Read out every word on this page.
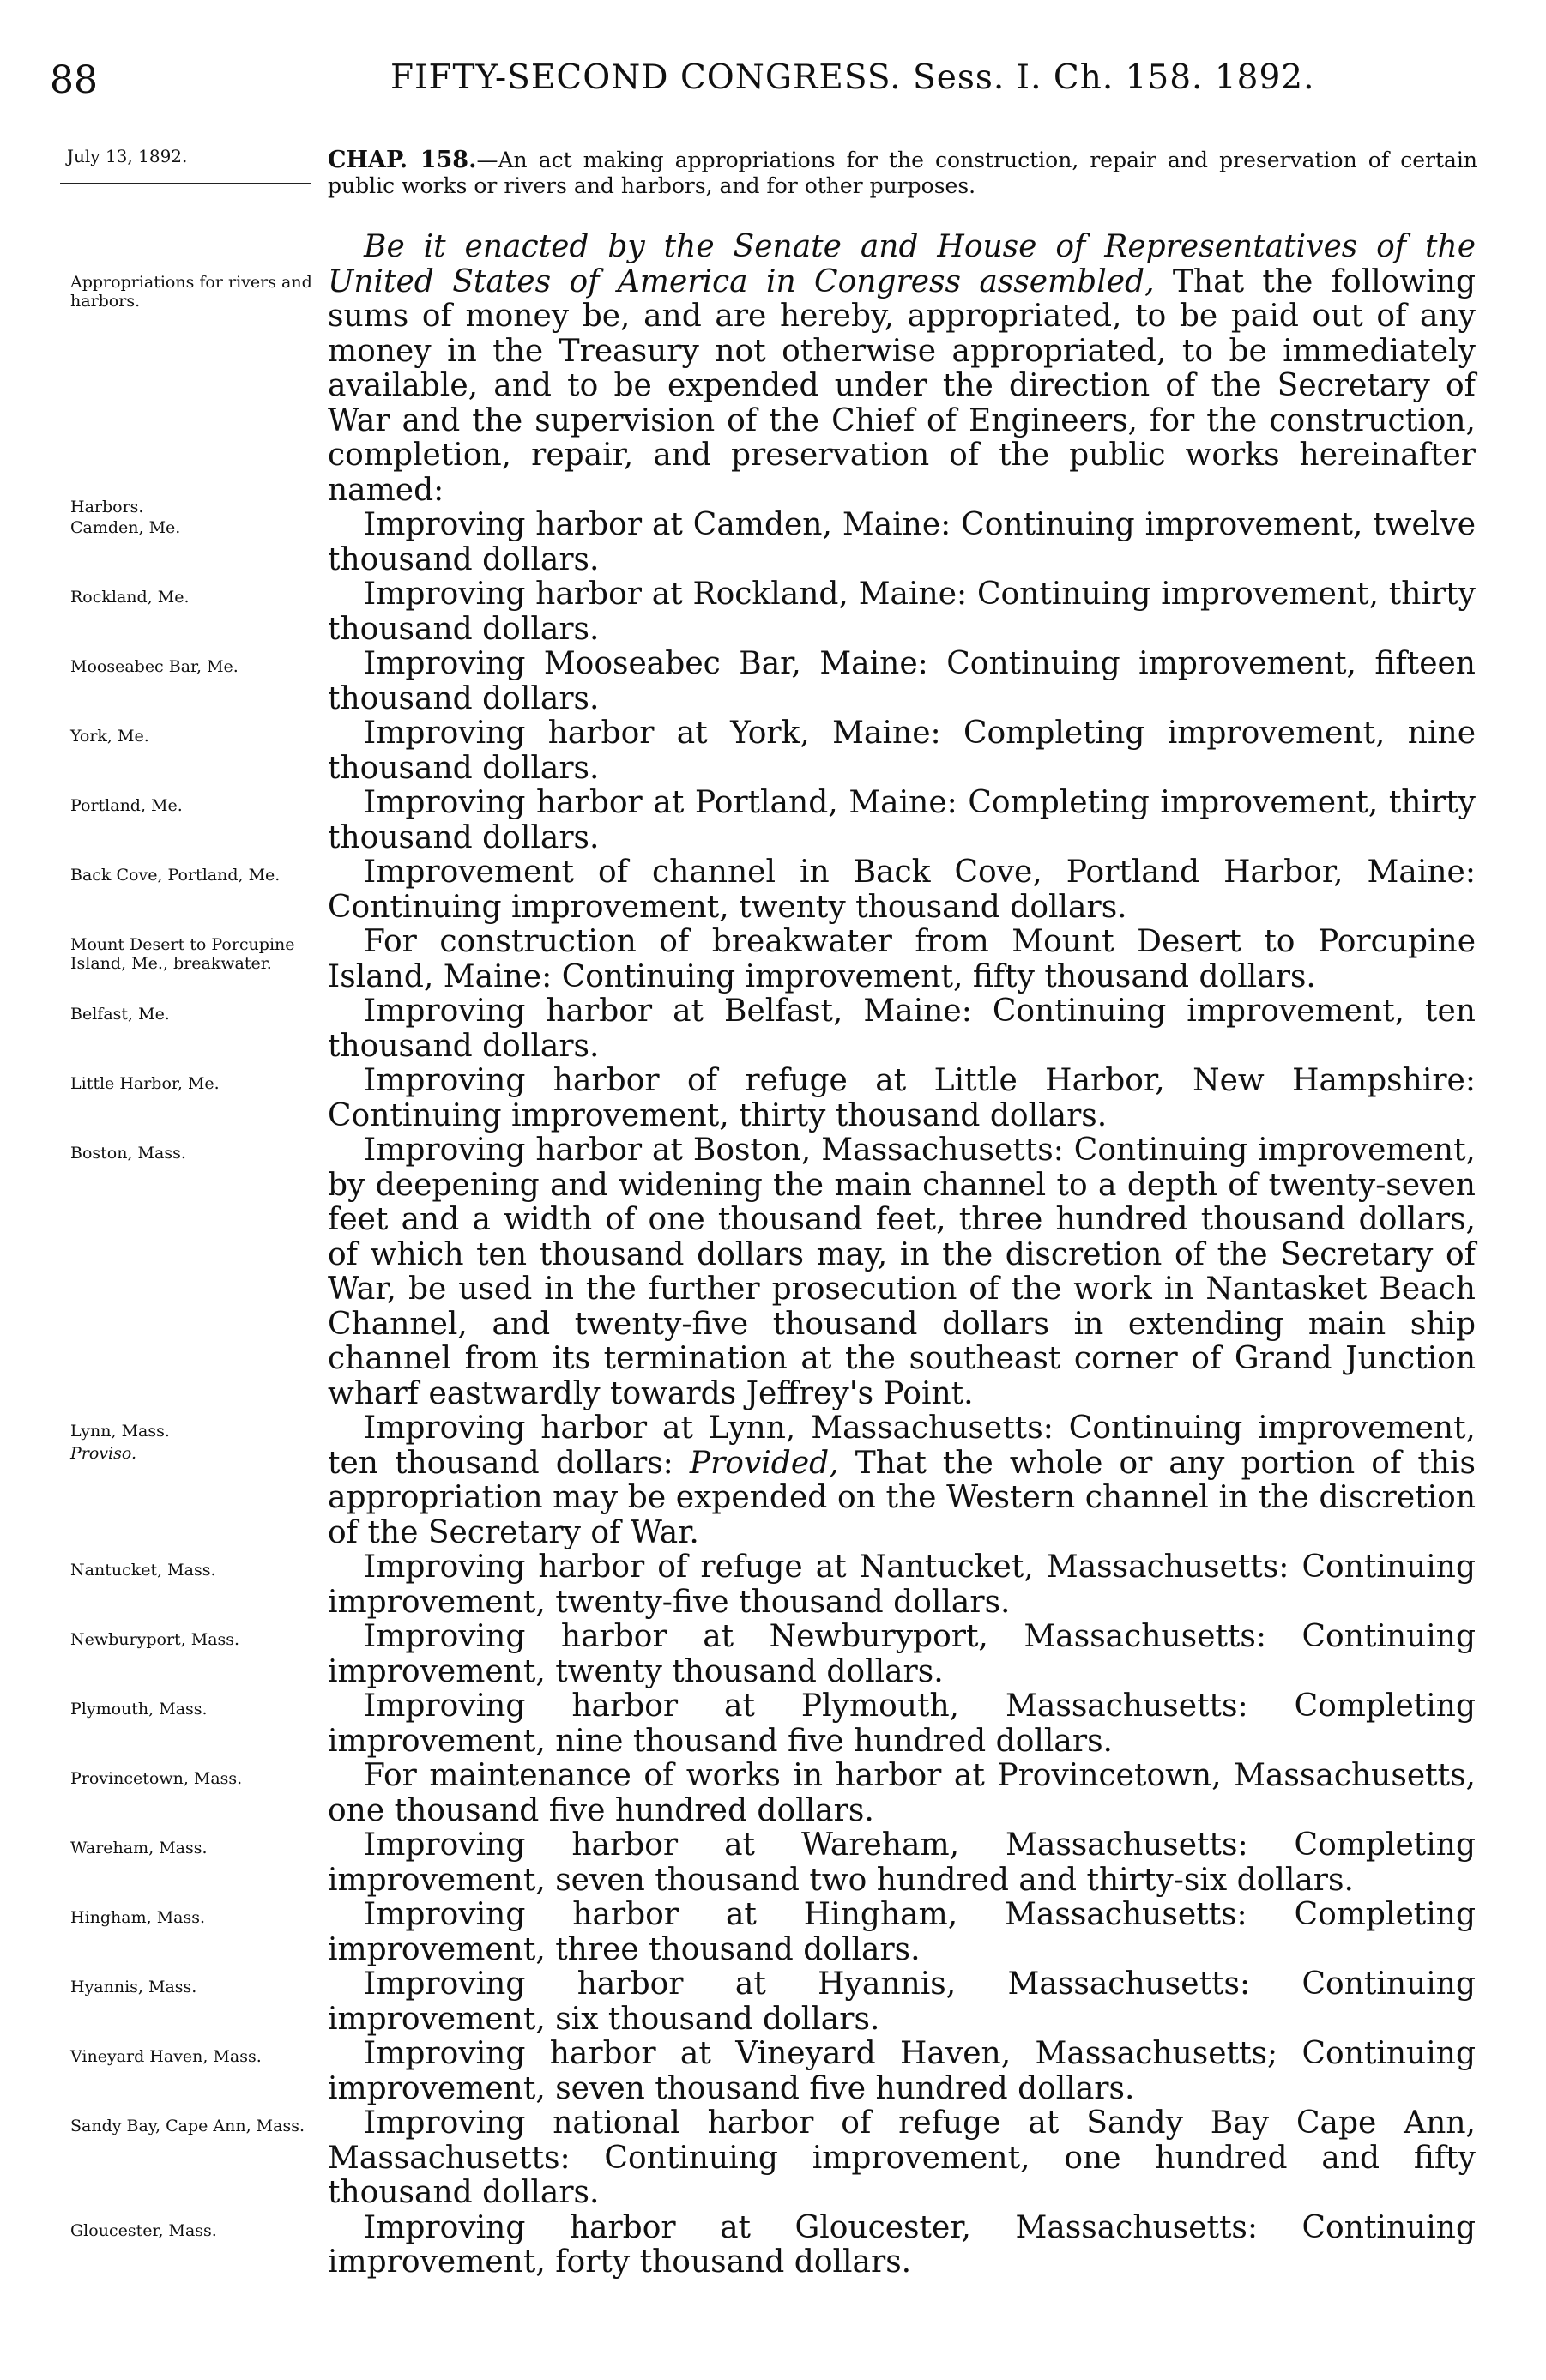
88	FIFTY-SECOND CONGRESS. Sess. I. Ch. 158. 1892.
July 13, 1892.	CHAP. 158.—An act making appropriations for the construction, repair and preservation of certain public works or rivers and harbors, and for other purposes.
Appropriations for rivers and harbors.
Harbors.
Camden, Me.
Rockland, Me.
Mooseabec Bar, Me.
York, Me.
Portland, Me.
Back Cove, Portland, Me.
Mount Desert to Porcupine Island, Me., breakwater.
Belfast, Me.
Little Harbor, Me.
Boston, Mass.
Lynn, Mass.
Proviso.
Nantucket, Mass.
Newburyport, Mass.
Plymouth, Mass.
Provincetown, Mass.
Wareham, Mass.
Hingham, Mass.
Hyannis, Mass.
Vineyard Haven, Mass.
Sandy Bay, Cape Ann, Mass.
Gloucester, Mass.

Be it enacted by the Senate and House of Representatives of the United States of America in Congress assembled, That the following sums of money be, and are hereby, appropriated, to be paid out of any money in the Treasury not otherwise appropriated, to be immediately available, and to be expended under the direction of the Secretary of War and the supervision of the Chief of Engineers, for the construction, completion, repair, and preservation of the public works hereinafter named:

Improving harbor at Camden, Maine: Continuing improvement, twelve thousand dollars.

Improving harbor at Rockland, Maine: Continuing improvement, thirty thousand dollars.

Improving Mooseabec Bar, Maine: Continuing improvement, fifteen thousand dollars.

Improving harbor at York, Maine: Completing improvement, nine thousand dollars.

Improving harbor at Portland, Maine: Completing improvement, thirty thousand dollars.

Improvement of channel in Back Cove, Portland Harbor, Maine: Continuing improvement, twenty thousand dollars.

For construction of breakwater from Mount Desert to Porcupine Island, Maine: Continuing improvement, fifty thousand dollars.

Improving harbor at Belfast, Maine: Continuing improvement, ten thousand dollars.

Improving harbor of refuge at Little Harbor, New Hampshire: Continuing improvement, thirty thousand dollars.

Improving harbor at Boston, Massachusetts: Continuing improvement, by deepening and widening the main channel to a depth of twenty-seven feet and a width of one thousand feet, three hundred thousand dollars, of which ten thousand dollars may, in the discretion of the Secretary of War, be used in the further prosecution of the work in Nantasket Beach Channel, and twenty-five thousand dollars in extending main ship channel from its termination at the southeast corner of Grand Junction wharf eastwardly towards Jeffrey's Point.

Improving harbor at Lynn, Massachusetts: Continuing improvement, ten thousand dollars: Provided, That the whole or any portion of this appropriation may be expended on the Western channel in the discretion of the Secretary of War.

Improving harbor of refuge at Nantucket, Massachusetts: Continuing improvement, twenty-five thousand dollars.

Improving harbor at Newburyport, Massachusetts: Continuing improvement, twenty thousand dollars.

Improving harbor at Plymouth, Massachusetts: Completing improvement, nine thousand five hundred dollars.

For maintenance of works in harbor at Provincetown, Massachusetts, one thousand five hundred dollars.

Improving harbor at Wareham, Massachusetts: Completing improvement, seven thousand two hundred and thirty-six dollars.

Improving harbor at Hingham, Massachusetts: Completing improvement, three thousand dollars.

Improving harbor at Hyannis, Massachusetts: Continuing improvement, six thousand dollars.

Improving harbor at Vineyard Haven, Massachusetts; Continuing improvement, seven thousand five hundred dollars.

Improving national harbor of refuge at Sandy Bay Cape Ann, Massachusetts: Continuing improvement, one hundred and fifty thousand dollars.

Improving harbor at Gloucester, Massachusetts: Continuing improvement, forty thousand dollars.
